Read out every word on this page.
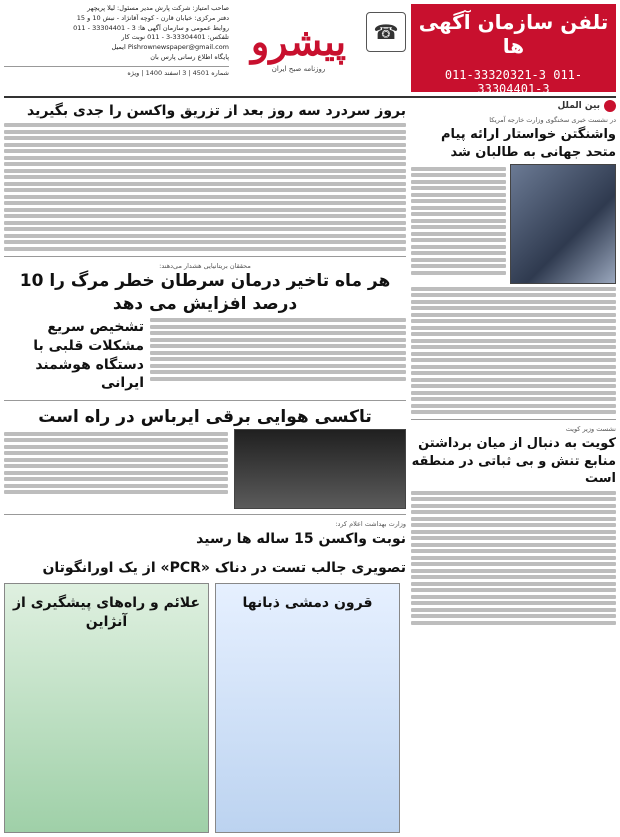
تلفن سازمان آگهی ها
011-33320321-3 011-33304401-3
☎
پیشرو
روزنامه صبح ایران
صاحب امتیاز: شرکت پارش مدیر مسئول: لیلا پریچهر
دفتر مرکزی: خیابان قارن - کوچه آقانژاد - نبش 10 و 15
روابط عمومی و سازمان آگهی ها: 3 - 33304401 - 011
تلفکس: 33304401-3 - 011 نوبت کار
Pishrownewspaper@gmail.com ایمیل
پایگاه اطلاع رسانی پارس بان
شماره 4501 | 3 اسفند 1400 | ویژه
بین الملل
در نشست خبری سخنگوی وزارت خارجه آمریکا
واشنگتن خواستار ارائه پیام متحد جهانی به طالبان شد
نشست وزیر کویت
کویت به دنبال از میان برداشتن منابع تنش و بی ثباتی در منطقه است
بروز سردرد سه روز بعد از تزریق واکسن را جدی بگیرید
محققان بریتانیایی هشدار می‌دهند:
هر ماه تاخیر درمان سرطان خطر مرگ را 10 درصد افزایش می دهد
تشخیص سریع مشکلات قلبی با دستگاه هوشمند ایرانی
تاکسی هوایی برقی ایرباس در راه است
وزارت بهداشت اعلام کرد:
نوبت واکسن 15 ساله ها رسید
تصویری جالب تست در دناک «PCR» از یک اورانگوتان
علائم و راه‌های پیشگیری از آنژاین
قرون دمشی ذبانها
